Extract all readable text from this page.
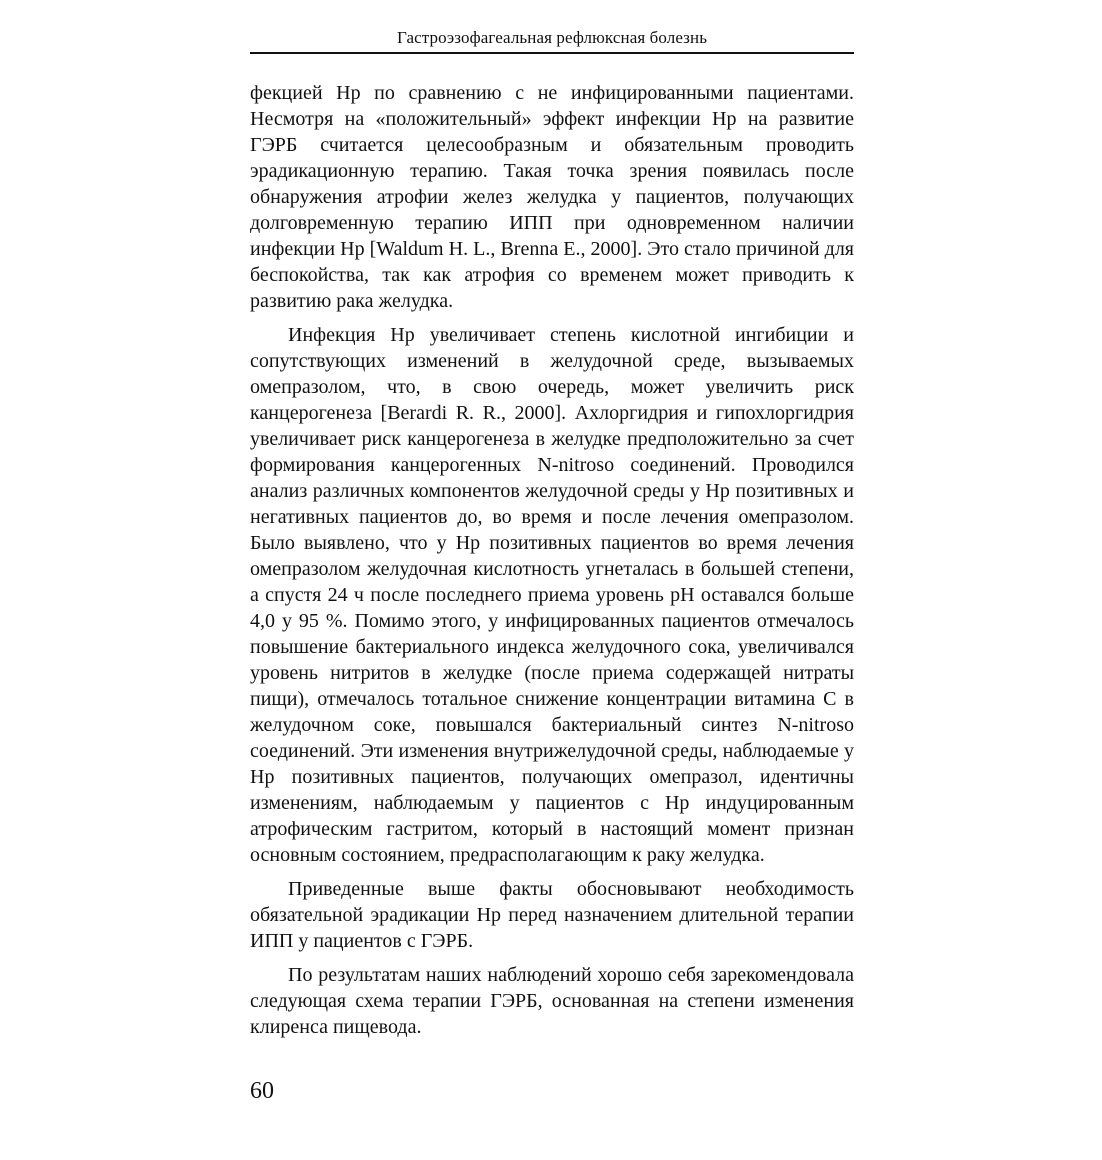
Гастроэзофагеальная рефлюксная болезнь

фекцией Нр по сравнению с не инфицированными пациентами. Несмотря на «положительный» эффект инфекции Нр на развитие ГЭРБ считается целесообразным и обязательным проводить эрадикационную терапию. Такая точка зрения появилась после обнаружения атрофии желез желудка у пациентов, получающих долговременную терапию ИПП при одновременном наличии инфекции Нр [Waldum H. L., Brenna E., 2000]. Это стало причиной для беспокойства, так как атрофия со временем может приводить к развитию рака желудка.

Инфекция Нр увеличивает степень кислотной ингибиции и сопутствующих изменений в желудочной среде, вызываемых омепразолом, что, в свою очередь, может увеличить риск канцерогенеза [Berardi R. R., 2000]. Ахлоргидрия и гипохлоргидрия увеличивает риск канцерогенеза в желудке предположительно за счет формирования канцерогенных N-nitroso соединений. Проводился анализ различных компонентов желудочной среды у Нр позитивных и негативных пациентов до, во время и после лечения омепразолом. Было выявлено, что у Нр позитивных пациентов во время лечения омепразолом желудочная кислотность угнеталась в большей степени, а спустя 24 ч после последнего приема уровень pH оставался больше 4,0 у 95 %. Помимо этого, у инфицированных пациентов отмечалось повышение бактериального индекса желудочного сока, увеличивался уровень нитритов в желудке (после приема содержащей нитраты пищи), отмечалось тотальное снижение концентрации витамина С в желудочном соке, повышался бактериальный синтез N-nitroso соединений. Эти изменения внутрижелудочной среды, наблюдаемые у Нр позитивных пациентов, получающих омепразол, идентичны изменениям, наблюдаемым у пациентов с Нр индуцированным атрофическим гастритом, который в настоящий момент признан основным состоянием, предрасполагающим к раку желудка.

Приведенные выше факты обосновывают необходимость обязательной эрадикации Нр перед назначением длительной терапии ИПП у пациентов с ГЭРБ.

По результатам наших наблюдений хорошо себя зарекомендовала следующая схема терапии ГЭРБ, основанная на степени изменения клиренса пищевода.

60
